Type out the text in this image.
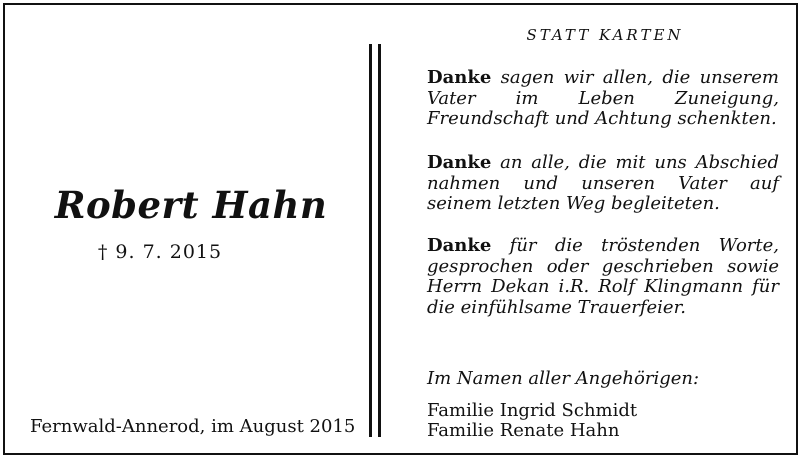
Robert Hahn
† 9. 7. 2015
Fernwald-Annerod, im August 2015
STATT KARTEN
Danke sagen wir allen, die unserem Vater im Leben Zuneigung, Freundschaft und Achtung schenkten.
Danke an alle, die mit uns Abschied nahmen und unseren Vater auf seinem letzten Weg begleiteten.
Danke für die tröstenden Worte, gesprochen oder geschrieben sowie Herrn Dekan i.R. Rolf Klingmann für die einfühlsame Trauerfeier.
Im Namen aller Angehörigen:
Familie Ingrid Schmidt
Familie Renate Hahn
